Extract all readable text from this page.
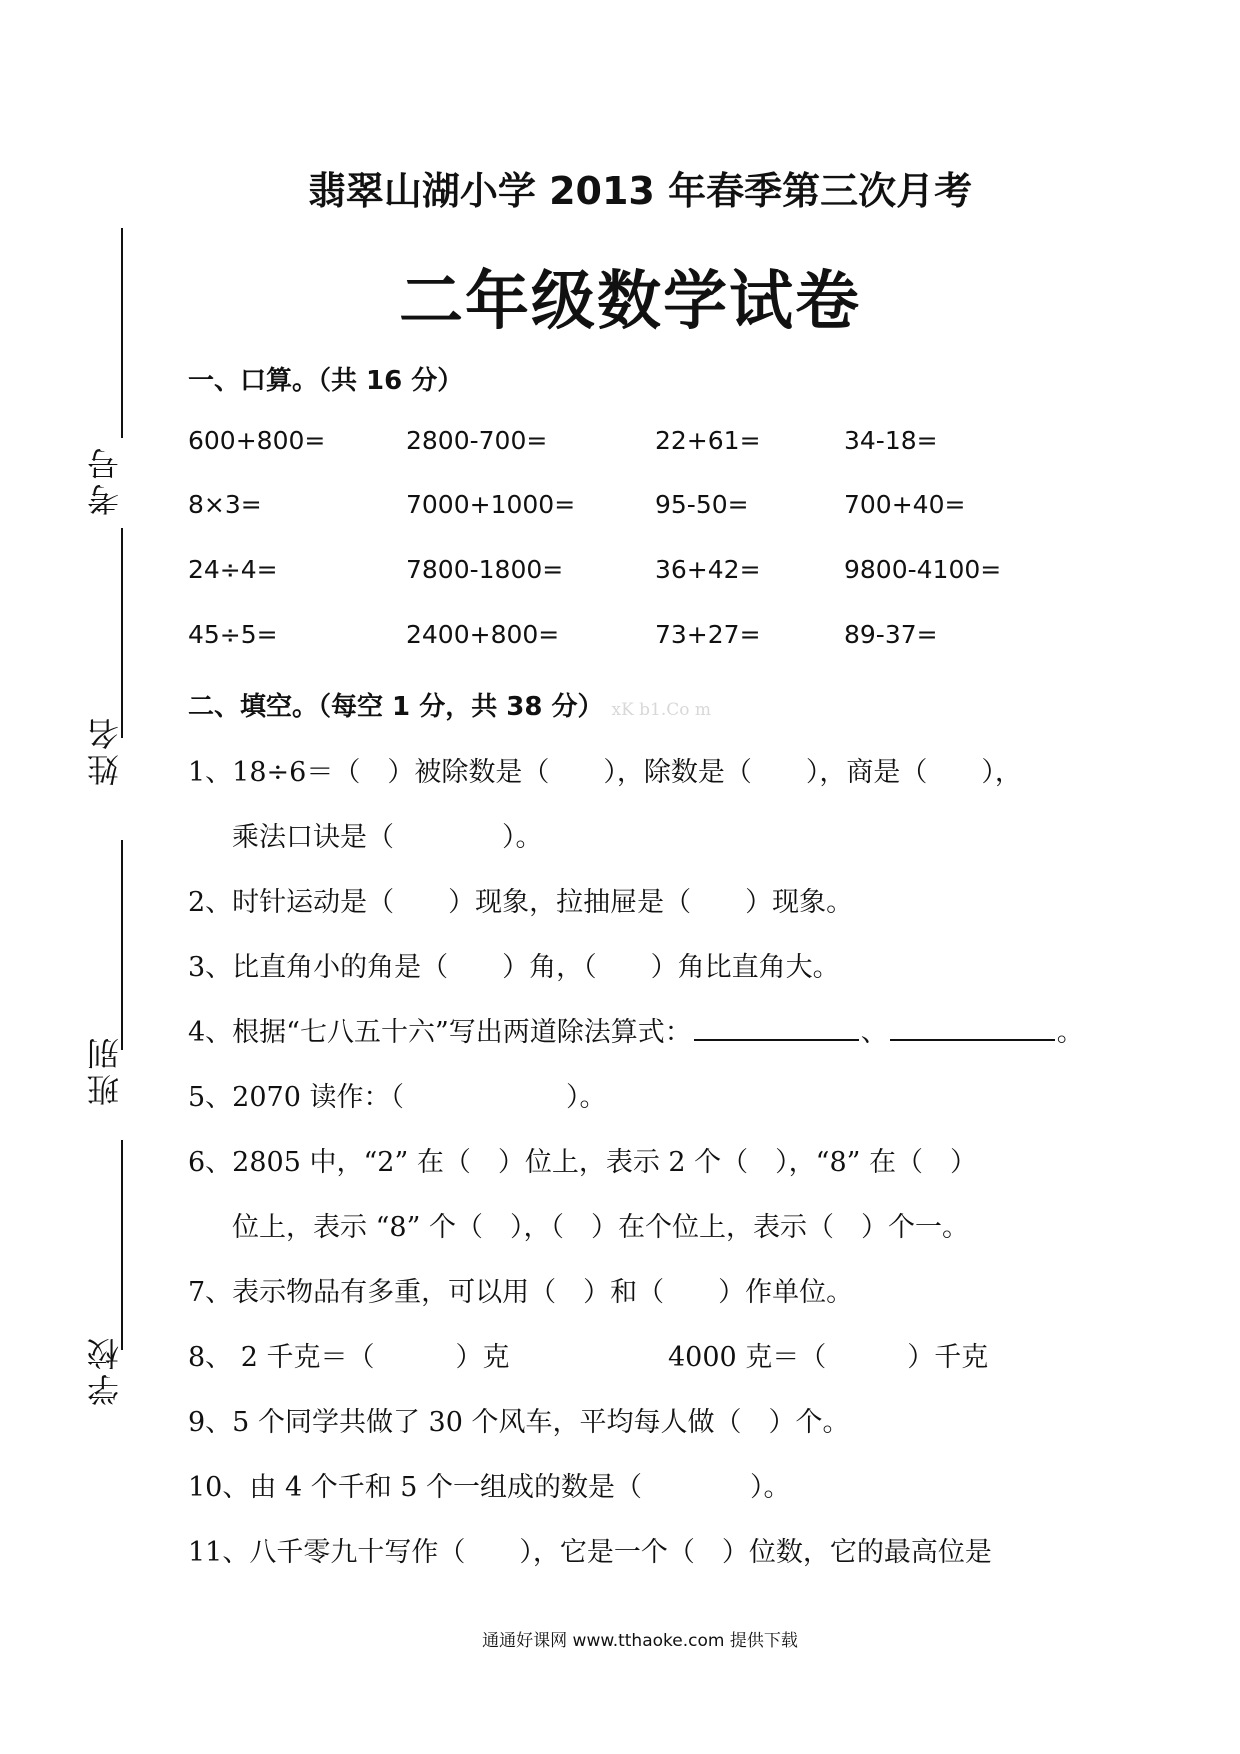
考号
姓名
班别
学校
翡翠山湖小学 2013 年春季第三次月考
二年级数学试卷
一、口算。（共 16 分）
600+800=	2800-700=	22+61=	34-18=
8×3=	7000+1000=	95-50=	700+40=
24÷4=	7800-1800=	36+42=	9800-4100=
45÷5=	2400+800=	73+27=	89-37=
二、填空。（每空 1 分，共 38 分） xK b1.Co m
1、18÷6＝（　）被除数是（　　），除数是（　　），商是（　　），
乘法口诀是（　　　　）。
2、时针运动是（　　）现象，拉抽屉是（　　）现象。
3、比直角小的角是（　　）角，（　　）角比直角大。
4、根据“七八五十六”写出两道除法算式：	、	。
5、2070 读作：（　　　　　　）。
6、2805 中，“2” 在（　）位上，表示 2 个（　），“8” 在（　）
位上，表示 “8” 个（　），（　）在个位上，表示（　）个一。
7、表示物品有多重，可以用（　）和（　　）作单位。
8、 2 千克＝（　　　）克	4000 克＝（　　　）千克
9、5 个同学共做了 30 个风车，平均每人做（　）个。
10、由 4 个千和 5 个一组成的数是（　　　　）。
11、八千零九十写作（　　），它是一个（　）位数，它的最高位是
通通好课网 www.tthaoke.com 提供下载
